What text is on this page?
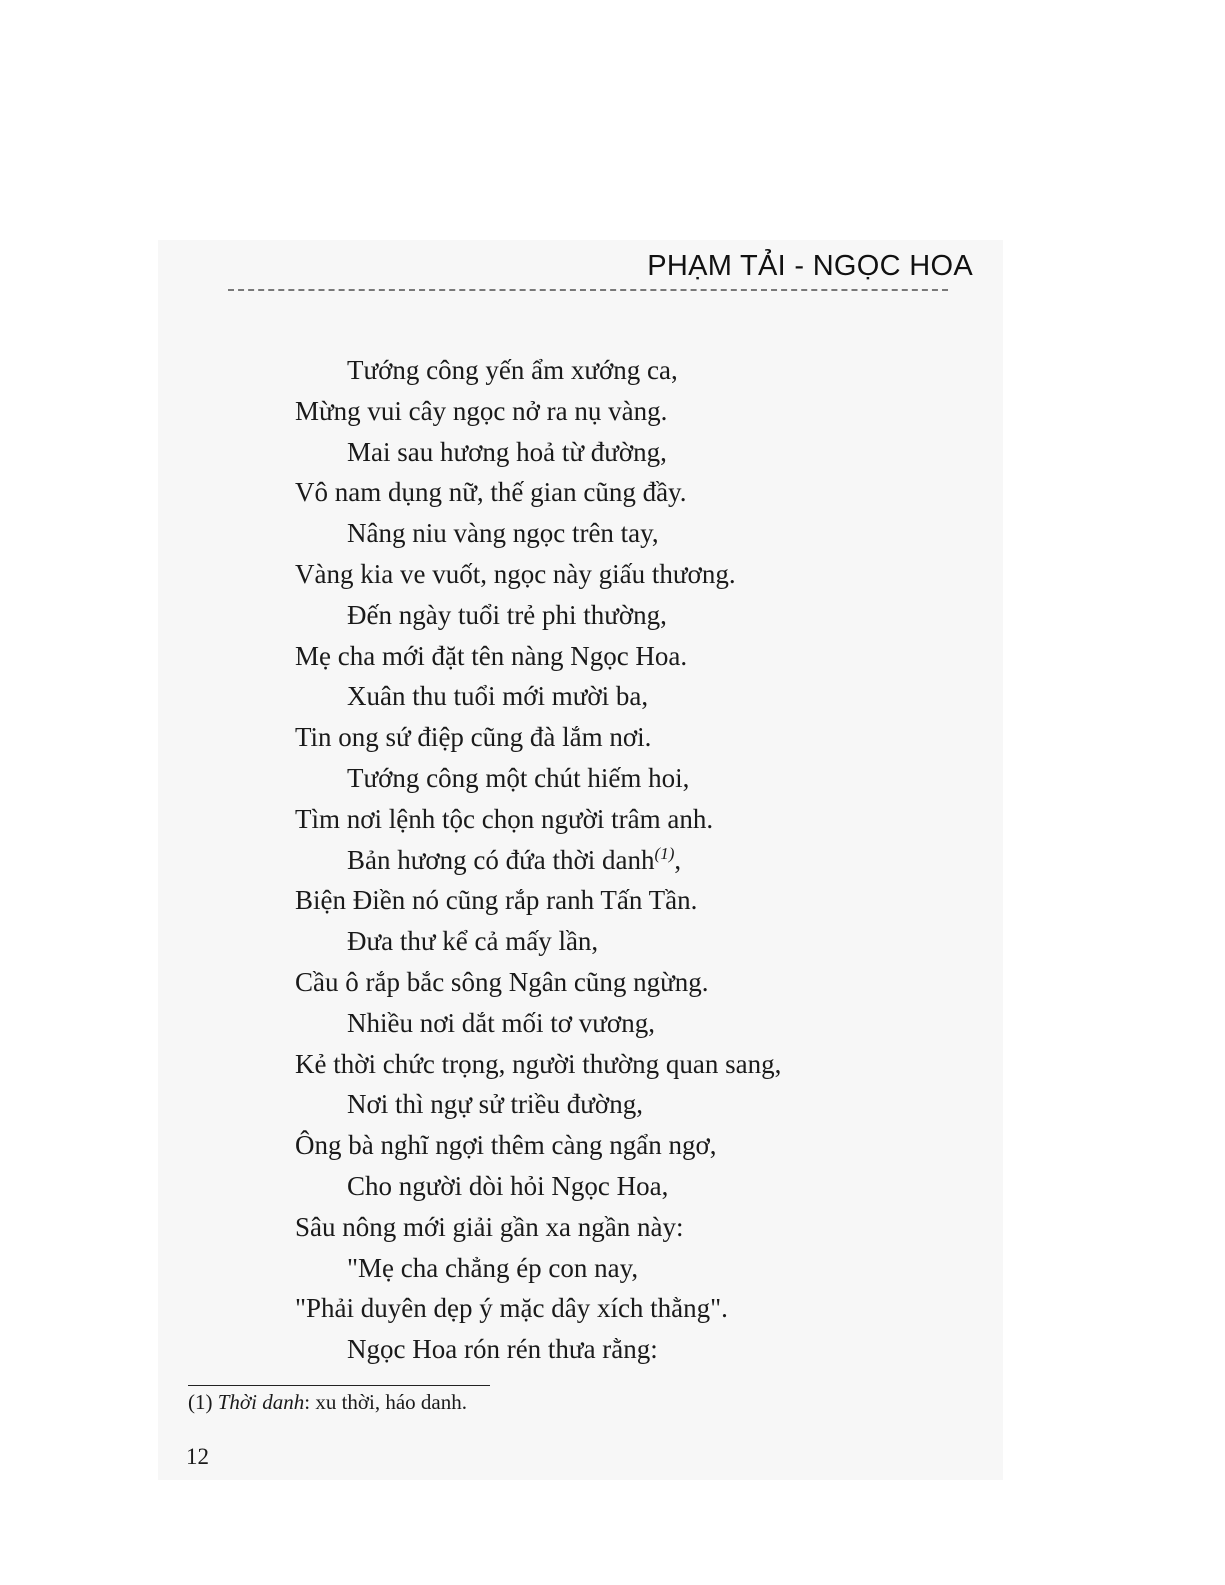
PHẠM TẢI - NGỌC HOA
Tướng công yến ẩm xướng ca,
Mừng vui cây ngọc nở ra nụ vàng.
Mai sau hương hoả từ đường,
Vô nam dụng nữ, thế gian cũng đầy.
Nâng niu vàng ngọc trên tay,
Vàng kia ve vuốt, ngọc này giấu thương.
Đến ngày tuổi trẻ phi thường,
Mẹ cha mới đặt tên nàng Ngọc Hoa.
Xuân thu tuổi mới mười ba,
Tin ong sứ điệp cũng đà lắm nơi.
Tướng công một chút hiếm hoi,
Tìm nơi lệnh tộc chọn người trâm anh.
Bản hương có đứa thời danh$^{(1)}$,
Biện Điền nó cũng rắp ranh Tấn Tần.
Đưa thư kể cả mấy lần,
Cầu ô rắp bắc sông Ngân cũng ngừng.
Nhiều nơi dắt mối tơ vương,
Kẻ thời chức trọng, người thường quan sang,
Nơi thì ngự sử triều đường,
Ông bà nghĩ ngợi thêm càng ngẩn ngơ,
Cho người dòi hỏi Ngọc Hoa,
Sâu nông mới giải gần xa ngần này:
"Mẹ cha chẳng ép con nay,
"Phải duyên dẹp ý mặc dây xích thằng".
Ngọc Hoa rón rén thưa rằng:
(1) Thời danh: xu thời, háo danh.
12
